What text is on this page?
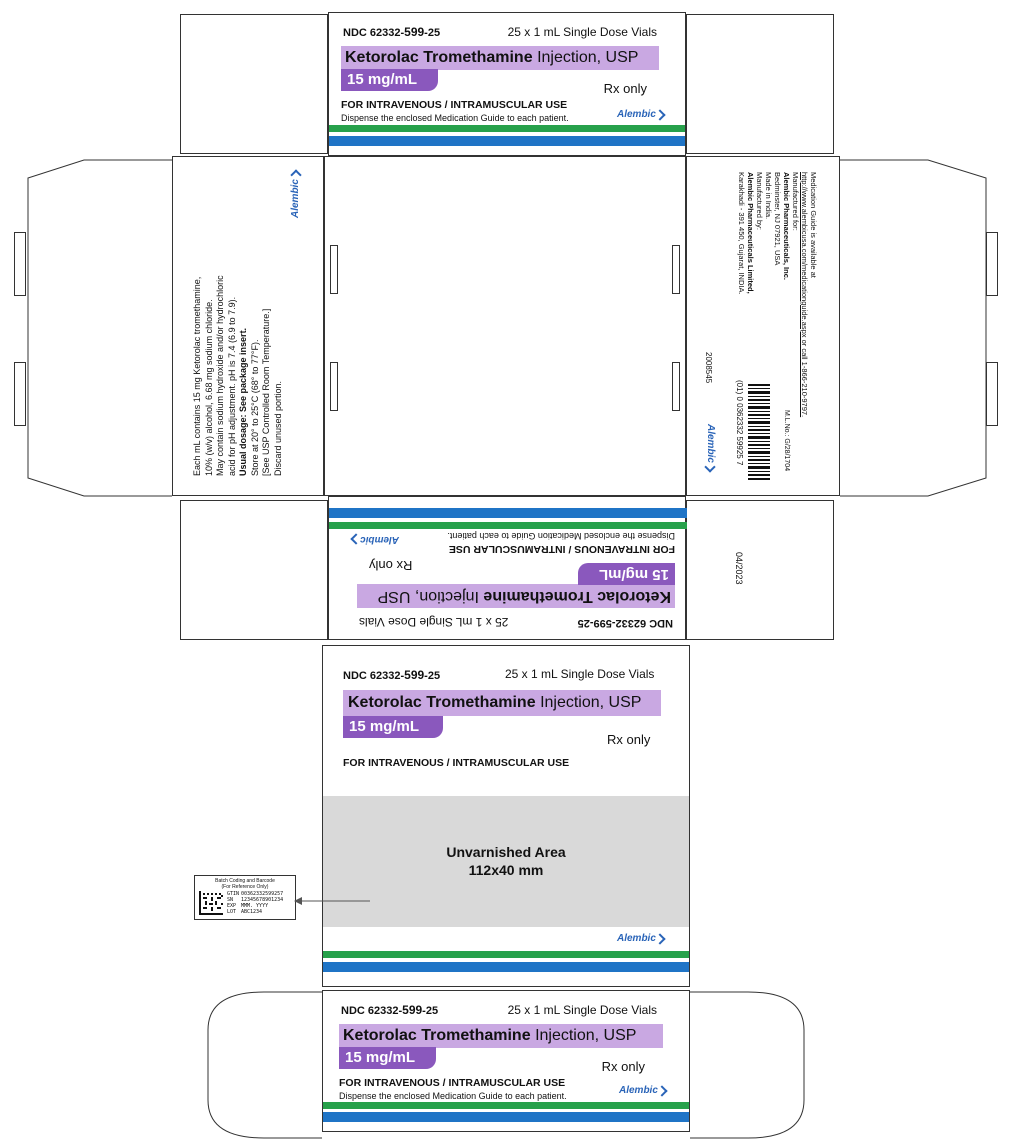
NDC 62332-599-25	25 x 1 mL Single Dose Vials
Ketorolac Tromethamine Injection, USP
15 mg/mL
Rx only
FOR INTRAVENOUS / INTRAMUSCULAR USE
Dispense the enclosed Medication Guide to each patient.	Alembic
Each mL contains 15 mg Ketorolac tromethamine, 10% (w/v) alcohol, 6.68 mg sodium chloride. May contain sodium hydroxide and/or hydrochloric acid for pH adjustment. pH is 7.4 (6.9 to 7.9). Usual dosage: See package insert. Store at 20° to 25°C (68° to 77°F). [See USP Controlled Room Temperature.] Discard unused portion.
Alembic	Medication Guide is available at
http://www.alembicusa.com/medicationguide.aspx or call 1-866-210-9797.
Manufactured for:
Alembic Pharmaceuticals, Inc.
Bedminster, NJ 07921, USA
Made in India.
Manufactured by:
Alembic Pharmaceuticals Limited,
Karakhadi - 391 450, Gujarat, INDIA.
M.L.No.: G/28/1704
(01) 0 0362332 59925 7
2008545
Alembic
04/2023
NDC 62332-599-25
25 x 1 mL Single Dose Vials
Ketorolac Tromethamine Injection, USP
15 mg/mL
Rx only
FOR INTRAVENOUS / INTRAMUSCULAR USE
Dispense the enclosed Medication Guide to each patient.
Alembic
NDC 62332-599-25	25 x 1 mL Single Dose Vials
Ketorolac Tromethamine Injection, USP
15 mg/mL
Rx only
FOR INTRAVENOUS / INTRAMUSCULAR USE
Unvarnished Area
112x40 mm
Alembic
Batch Coding and Barcode
(For Reference Only)
GTIN 00362332599257
SN 12345678901234
EXP MMM. YYYY
LOT ABC1234
NDC 62332-599-25	25 x 1 mL Single Dose Vials
Ketorolac Tromethamine Injection, USP
15 mg/mL
Rx only
FOR INTRAVENOUS / INTRAMUSCULAR USE
Dispense the enclosed Medication Guide to each patient.	Alembic
